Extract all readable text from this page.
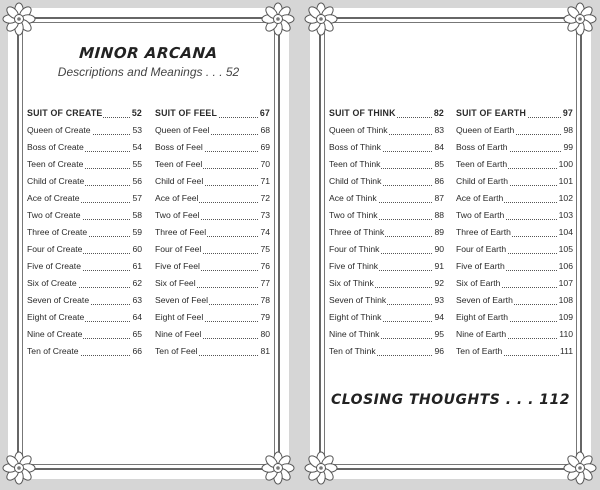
MINOR ARCANA
Descriptions and Meanings . . . 52
SUIT OF CREATE	52
Queen of Create	53
Boss of Create	54
Teen of Create	55
Child of Create	56
Ace of Create	57
Two of Create	58
Three of Create	59
Four of Create	60
Five of Create	61
Six of Create	62
Seven of Create	63
Eight of Create	64
Nine of Create	65
Ten of Create	66
SUIT OF FEEL	67
Queen of Feel	68
Boss of Feel	69
Teen of Feel	70
Child of Feel	71
Ace of Feel	72
Two of Feel	73
Three of Feel	74
Four of Feel	75
Five of Feel	76
Six of Feel	77
Seven of Feel	78
Eight of Feel	79
Nine of Feel	80
Ten of Feel	81
SUIT OF THINK	82
Queen of Think	83
Boss of Think	84
Teen of Think	85
Child of Think	86
Ace of Think	87
Two of Think	88
Three of Think	89
Four of Think	90
Five of Think	91
Six of Think	92
Seven of Think	93
Eight of Think	94
Nine of Think	95
Ten of Think	96
SUIT OF EARTH	97
Queen of Earth	98
Boss of Earth	99
Teen of Earth	100
Child of Earth	101
Ace of Earth	102
Two of Earth	103
Three of Earth	104
Four of Earth	105
Five of Earth	106
Six of Earth	107
Seven of Earth	108
Eight of Earth	109
Nine of Earth	110
Ten of Earth	111
CLOSING THOUGHTS . . . 112
